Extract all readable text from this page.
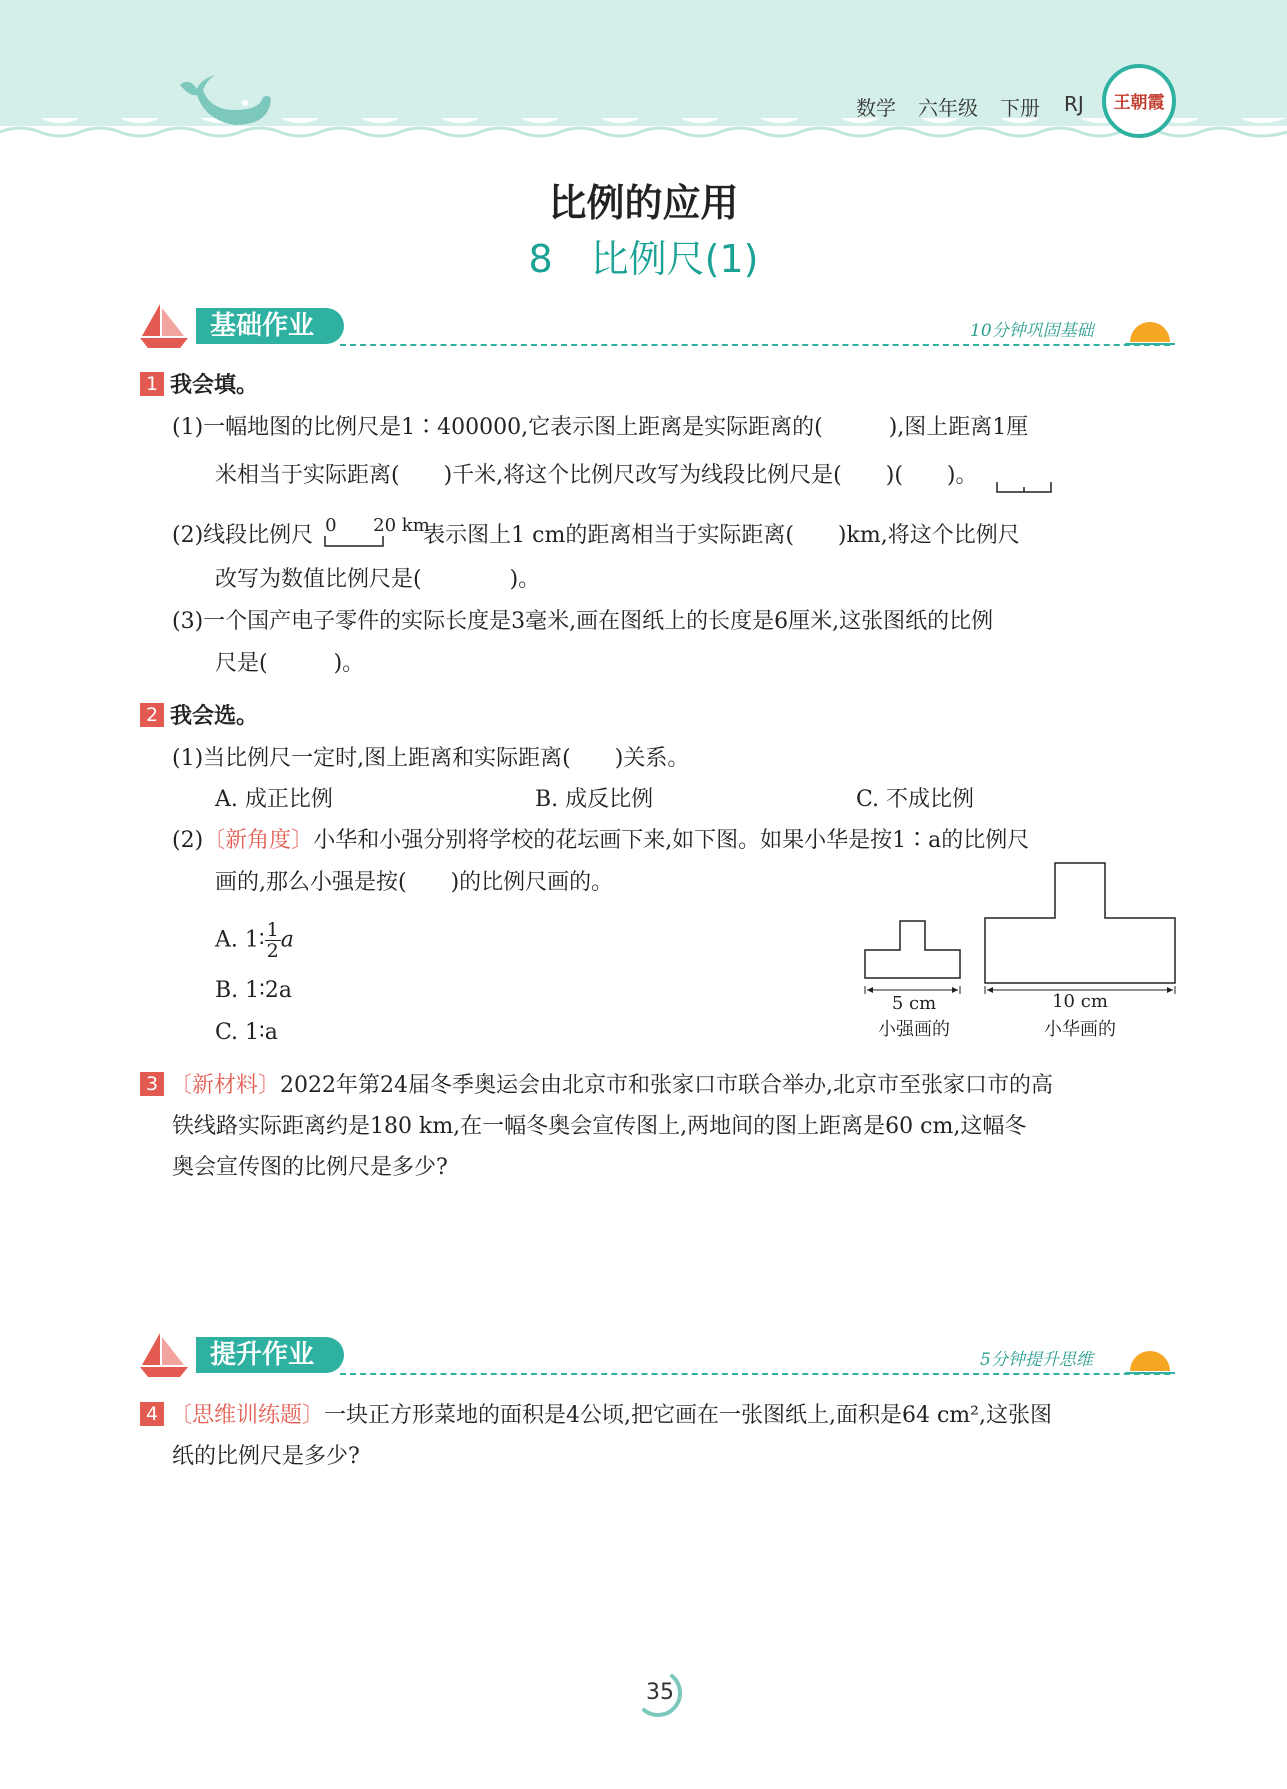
数学 六年级 下册 RJ	王朝霞
比例的应用
8　比例尺(1)
基础作业	10分钟巩固基础
1 我会填。
(1)一幅地图的比例尺是1∶400000,它表示图上距离是实际距离的(　　　),图上距离1厘
米相当于实际距离(　　)千米,将这个比例尺改写为线段比例尺是(　　)(　　)。
(2)线段比例尺 0 20 km
表示图上1 cm的距离相当于实际距离(　　)km,将这个比例尺
改写为数值比例尺是(　　　　)。
(3)一个国产电子零件的实际长度是3毫米,画在图纸上的长度是6厘米,这张图纸的比例
尺是(　　　)。
2 我会选。
(1)当比例尺一定时,图上距离和实际距离(　　)关系。
A. 成正比例	B. 成反比例	C. 不成比例
(2)〔新角度〕小华和小强分别将学校的花坛画下来,如下图。如果小华是按1∶a的比例尺
画的,那么小强是按(　　)的比例尺画的。
A. 1∶ $\frac{1}{2}$ a
B. 1∶2a
C. 1∶a
5 cm
小强画的
10 cm
小华画的
3 〔新材料〕2022年第24届冬季奥运会由北京市和张家口市联合举办,北京市至张家口市的高
铁线路实际距离约是180 km,在一幅冬奥会宣传图上,两地间的图上距离是60 cm,这幅冬
奥会宣传图的比例尺是多少?
提升作业	5分钟提升思维
4 〔思维训练题〕一块正方形菜地的面积是4公顷,把它画在一张图纸上,面积是64 cm²,这张图
纸的比例尺是多少?
35
